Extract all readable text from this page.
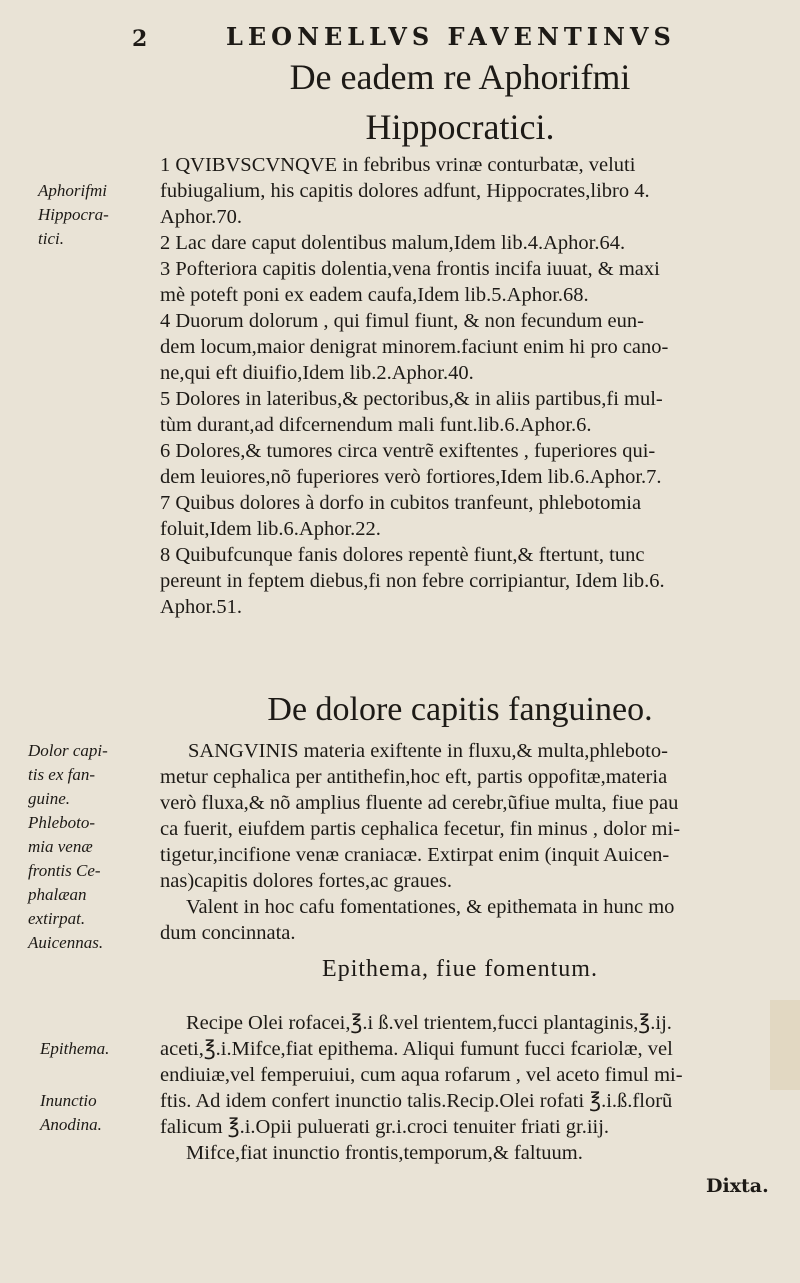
2	LEONELLVS FAVENTINVS
De eadem re Aphorifmi
Hippocratici.
Aphorifmi
Hippocra-
tici.
1 QVIBVSCVNQVE in febribus vrinæ conturbatæ, veluti
fubiugalium, his capitis dolores adfunt, Hippocrates,libro 4.
Aphor.70.
2 Lac dare caput dolentibus malum,Idem lib.4.Aphor.64.
3 Pofteriora capitis dolentia,vena frontis incifa iuuat, & maxi
mè poteft poni ex eadem caufa,Idem lib.5.Aphor.68.
4 Duorum dolorum , qui fimul fiunt, & non fecundum eun-
dem locum,maior denigrat minorem.faciunt enim hi pro cano-
ne,qui eft diuifio,Idem lib.2.Aphor.40.
5 Dolores in lateribus,& pectoribus,& in aliis partibus,fi mul-
tùm durant,ad difcernendum mali funt.lib.6.Aphor.6.
6 Dolores,& tumores circa ventrẽ exiftentes , fuperiores qui-
dem leuiores,nõ fuperiores verò fortiores,Idem lib.6.Aphor.7.
7 Quibus dolores à dorfo in cubitos tranfeunt, phlebotomia
foluit,Idem lib.6.Aphor.22.
8 Quibufcunque fanis dolores repentè fiunt,& ftertunt, tunc
pereunt in feptem diebus,fi non febre corripiantur, Idem lib.6.
Aphor.51.
De dolore capitis fanguineo.
Dolor capi-
tis ex fan-
guine.
Phleboto-
mia venæ
frontis Ce-
phalæan
extirpat.
Auicennas.
SANGVINIS materia exiftente in fluxu,& multa,phleboto-
metur cephalica per antithefin,hoc eft, partis oppofitæ,materia
verò fluxa,& nõ amplius fluente ad cerebr,ũfiue multa, fiue pau
ca fuerit, eiufdem partis cephalica fecetur, fin minus , dolor mi-
tigetur,incifione venæ craniacæ. Extirpat enim (inquit Auicen-
nas)capitis dolores fortes,ac graues.
Valent in hoc cafu fomentationes, & epithemata in hunc mo
dum concinnata.
Epithema, fiue fomentum.
Epithema.
Inunctio
Anodina.
Recipe Olei rofacei,℥.i ß.vel trientem,fucci plantaginis,℥.ij.
aceti,℥.i.Mifce,fiat epithema. Aliqui fumunt fucci fcariolæ, vel
endiuiæ,vel femperuiui, cum aqua rofarum , vel aceto fimul mi-
ftis. Ad idem confert inunctio talis.Recip.Olei rofati ℥.i.ß.florũ
falicum ℥.i.Opii puluerati gr.i.croci tenuiter friati gr.iij.
Mifce,fiat inunctio frontis,temporum,& faltuum.
Dixta.
